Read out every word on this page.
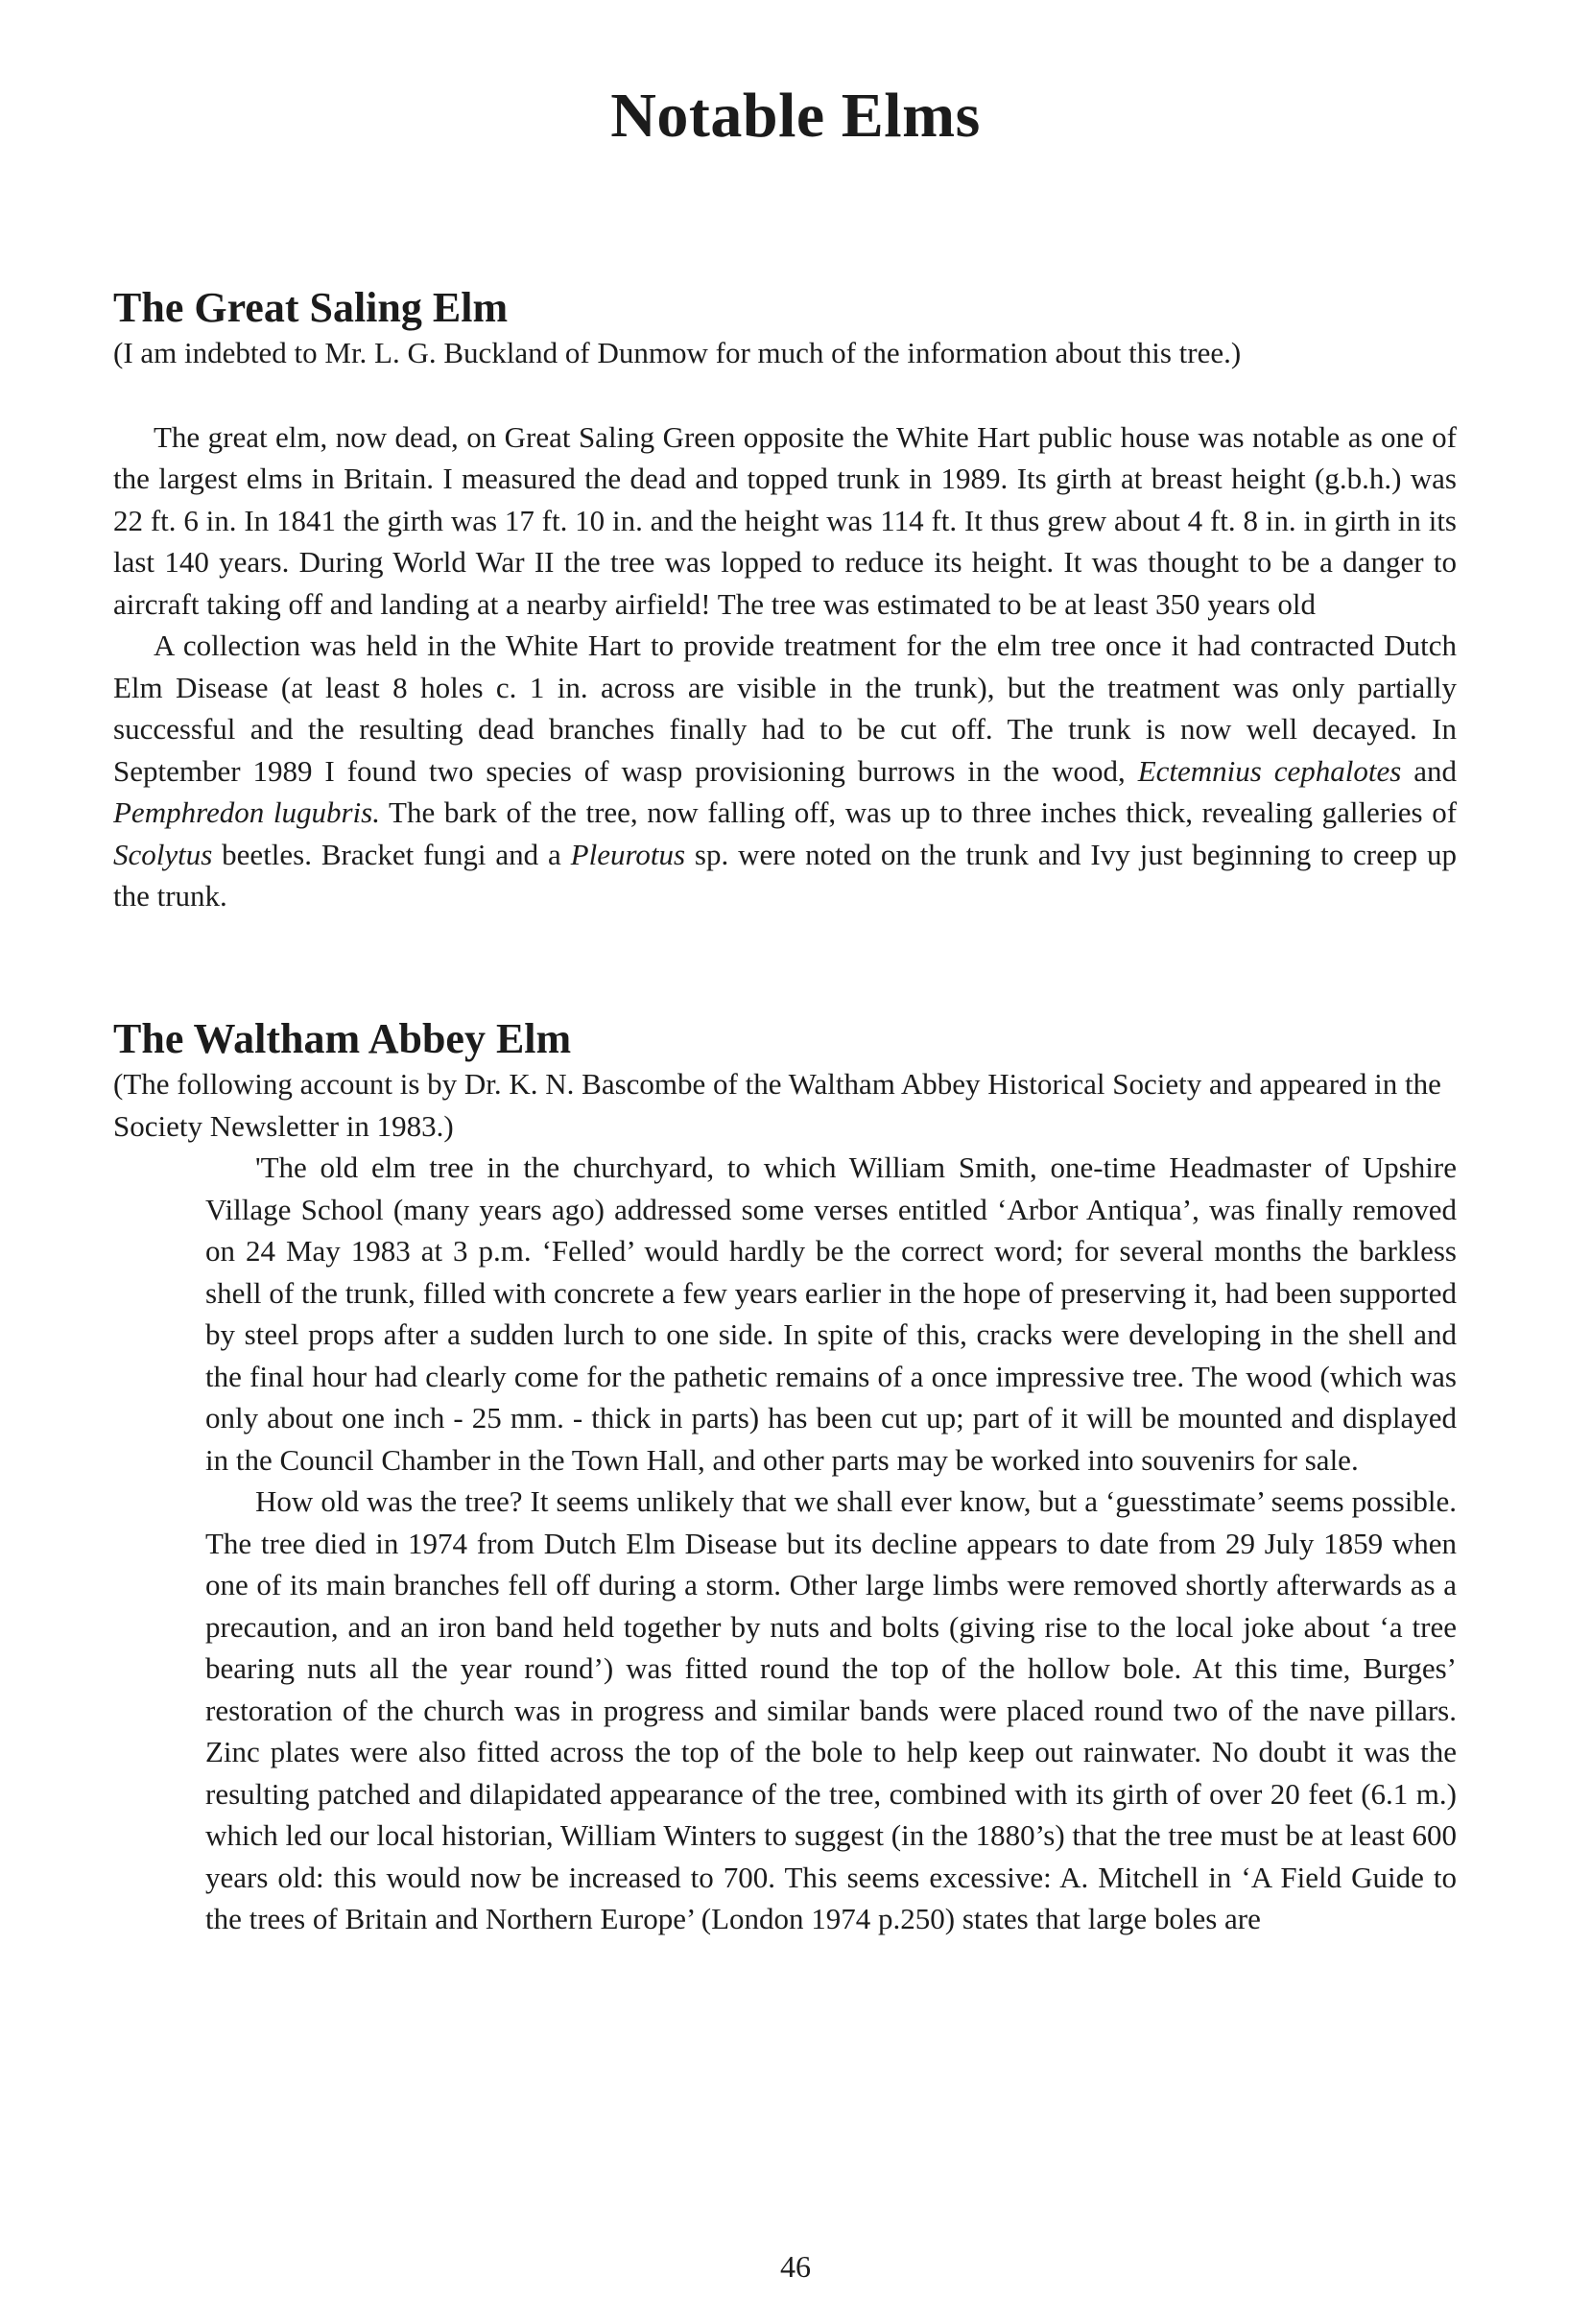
Notable Elms
The Great Saling Elm

(I am indebted to Mr. L. G. Buckland of Dunmow for much of the information about this tree.)

The great elm, now dead, on Great Saling Green opposite the White Hart public house was notable as one of the largest elms in Britain. I measured the dead and topped trunk in 1989. Its girth at breast height (g.b.h.) was 22 ft. 6 in. In 1841 the girth was 17 ft. 10 in. and the height was 114 ft. It thus grew about 4 ft. 8 in. in girth in its last 140 years. During World War II the tree was lopped to reduce its height. It was thought to be a danger to aircraft taking off and landing at a nearby airfield! The tree was estimated to be at least 350 years old

A collection was held in the White Hart to provide treatment for the elm tree once it had contracted Dutch Elm Disease (at least 8 holes c. 1 in. across are visible in the trunk), but the treatment was only partially successful and the resulting dead branches finally had to be cut off. The trunk is now well decayed. In September 1989 I found two species of wasp provisioning burrows in the wood, Ectemnius cephalotes and Pemphredon lugubris. The bark of the tree, now falling off, was up to three inches thick, revealing galleries of Scolytus beetles. Bracket fungi and a Pleurotus sp. were noted on the trunk and Ivy just beginning to creep up the trunk.

The Waltham Abbey Elm

(The following account is by Dr. K. N. Bascombe of the Waltham Abbey Historical Society and appeared in the Society Newsletter in 1983.)

'The old elm tree in the churchyard, to which William Smith, one-time Headmaster of Upshire Village School (many years ago) addressed some verses entitled ‘Arbor Antiqua’, was finally removed on 24 May 1983 at 3 p.m. ‘Felled’ would hardly be the correct word; for several months the barkless shell of the trunk, filled with concrete a few years earlier in the hope of preserving it, had been supported by steel props after a sudden lurch to one side. In spite of this, cracks were developing in the shell and the final hour had clearly come for the pathetic remains of a once impressive tree. The wood (which was only about one inch - 25 mm. - thick in parts) has been cut up; part of it will be mounted and displayed in the Council Chamber in the Town Hall, and other parts may be worked into souvenirs for sale.

How old was the tree? It seems unlikely that we shall ever know, but a ‘guesstimate’ seems possible. The tree died in 1974 from Dutch Elm Disease but its decline appears to date from 29 July 1859 when one of its main branches fell off during a storm. Other large limbs were removed shortly afterwards as a precaution, and an iron band held together by nuts and bolts (giving rise to the local joke about ‘a tree bearing nuts all the year round’) was fitted round the top of the hollow bole. At this time, Burges’ restoration of the church was in progress and similar bands were placed round two of the nave pillars. Zinc plates were also fitted across the top of the bole to help keep out rainwater. No doubt it was the resulting patched and dilapidated appearance of the tree, combined with its girth of over 20 feet (6.1 m.) which led our local historian, William Winters to suggest (in the 1880’s) that the tree must be at least 600 years old: this would now be increased to 700. This seems excessive: A. Mitchell in ‘A Field Guide to the trees of Britain and Northern Europe’ (London 1974 p.250) states that large boles are

46
